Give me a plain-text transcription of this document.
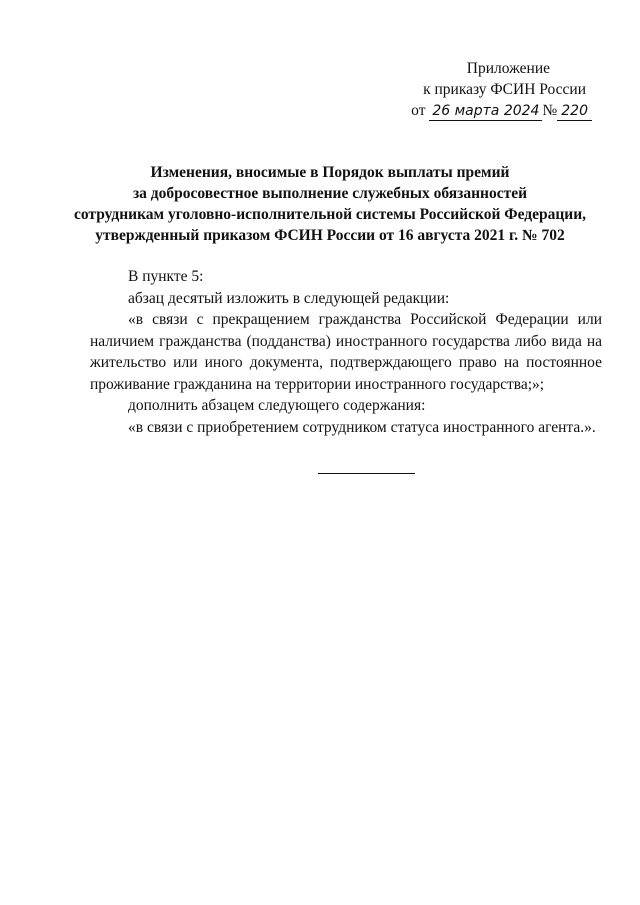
Приложение
к приказу ФСИН России
от 26 марта 2024 № 220
Изменения, вносимые в Порядок выплаты премий
за добросовестное выполнение служебных обязанностей
сотрудникам уголовно-исполнительной системы Российской Федерации,
утвержденный приказом ФСИН России от 16 августа 2021 г. № 702

В пункте 5:

абзац десятый изложить в следующей редакции:

«в связи с прекращением гражданства Российской Федерации или наличием гражданства (подданства) иностранного государства либо вида на жительство или иного документа, подтверждающего право на постоянное проживание гражданина на территории иностранного государства;»;

дополнить абзацем следующего содержания:

«в связи с приобретением сотрудником статуса иностранного агента.».
